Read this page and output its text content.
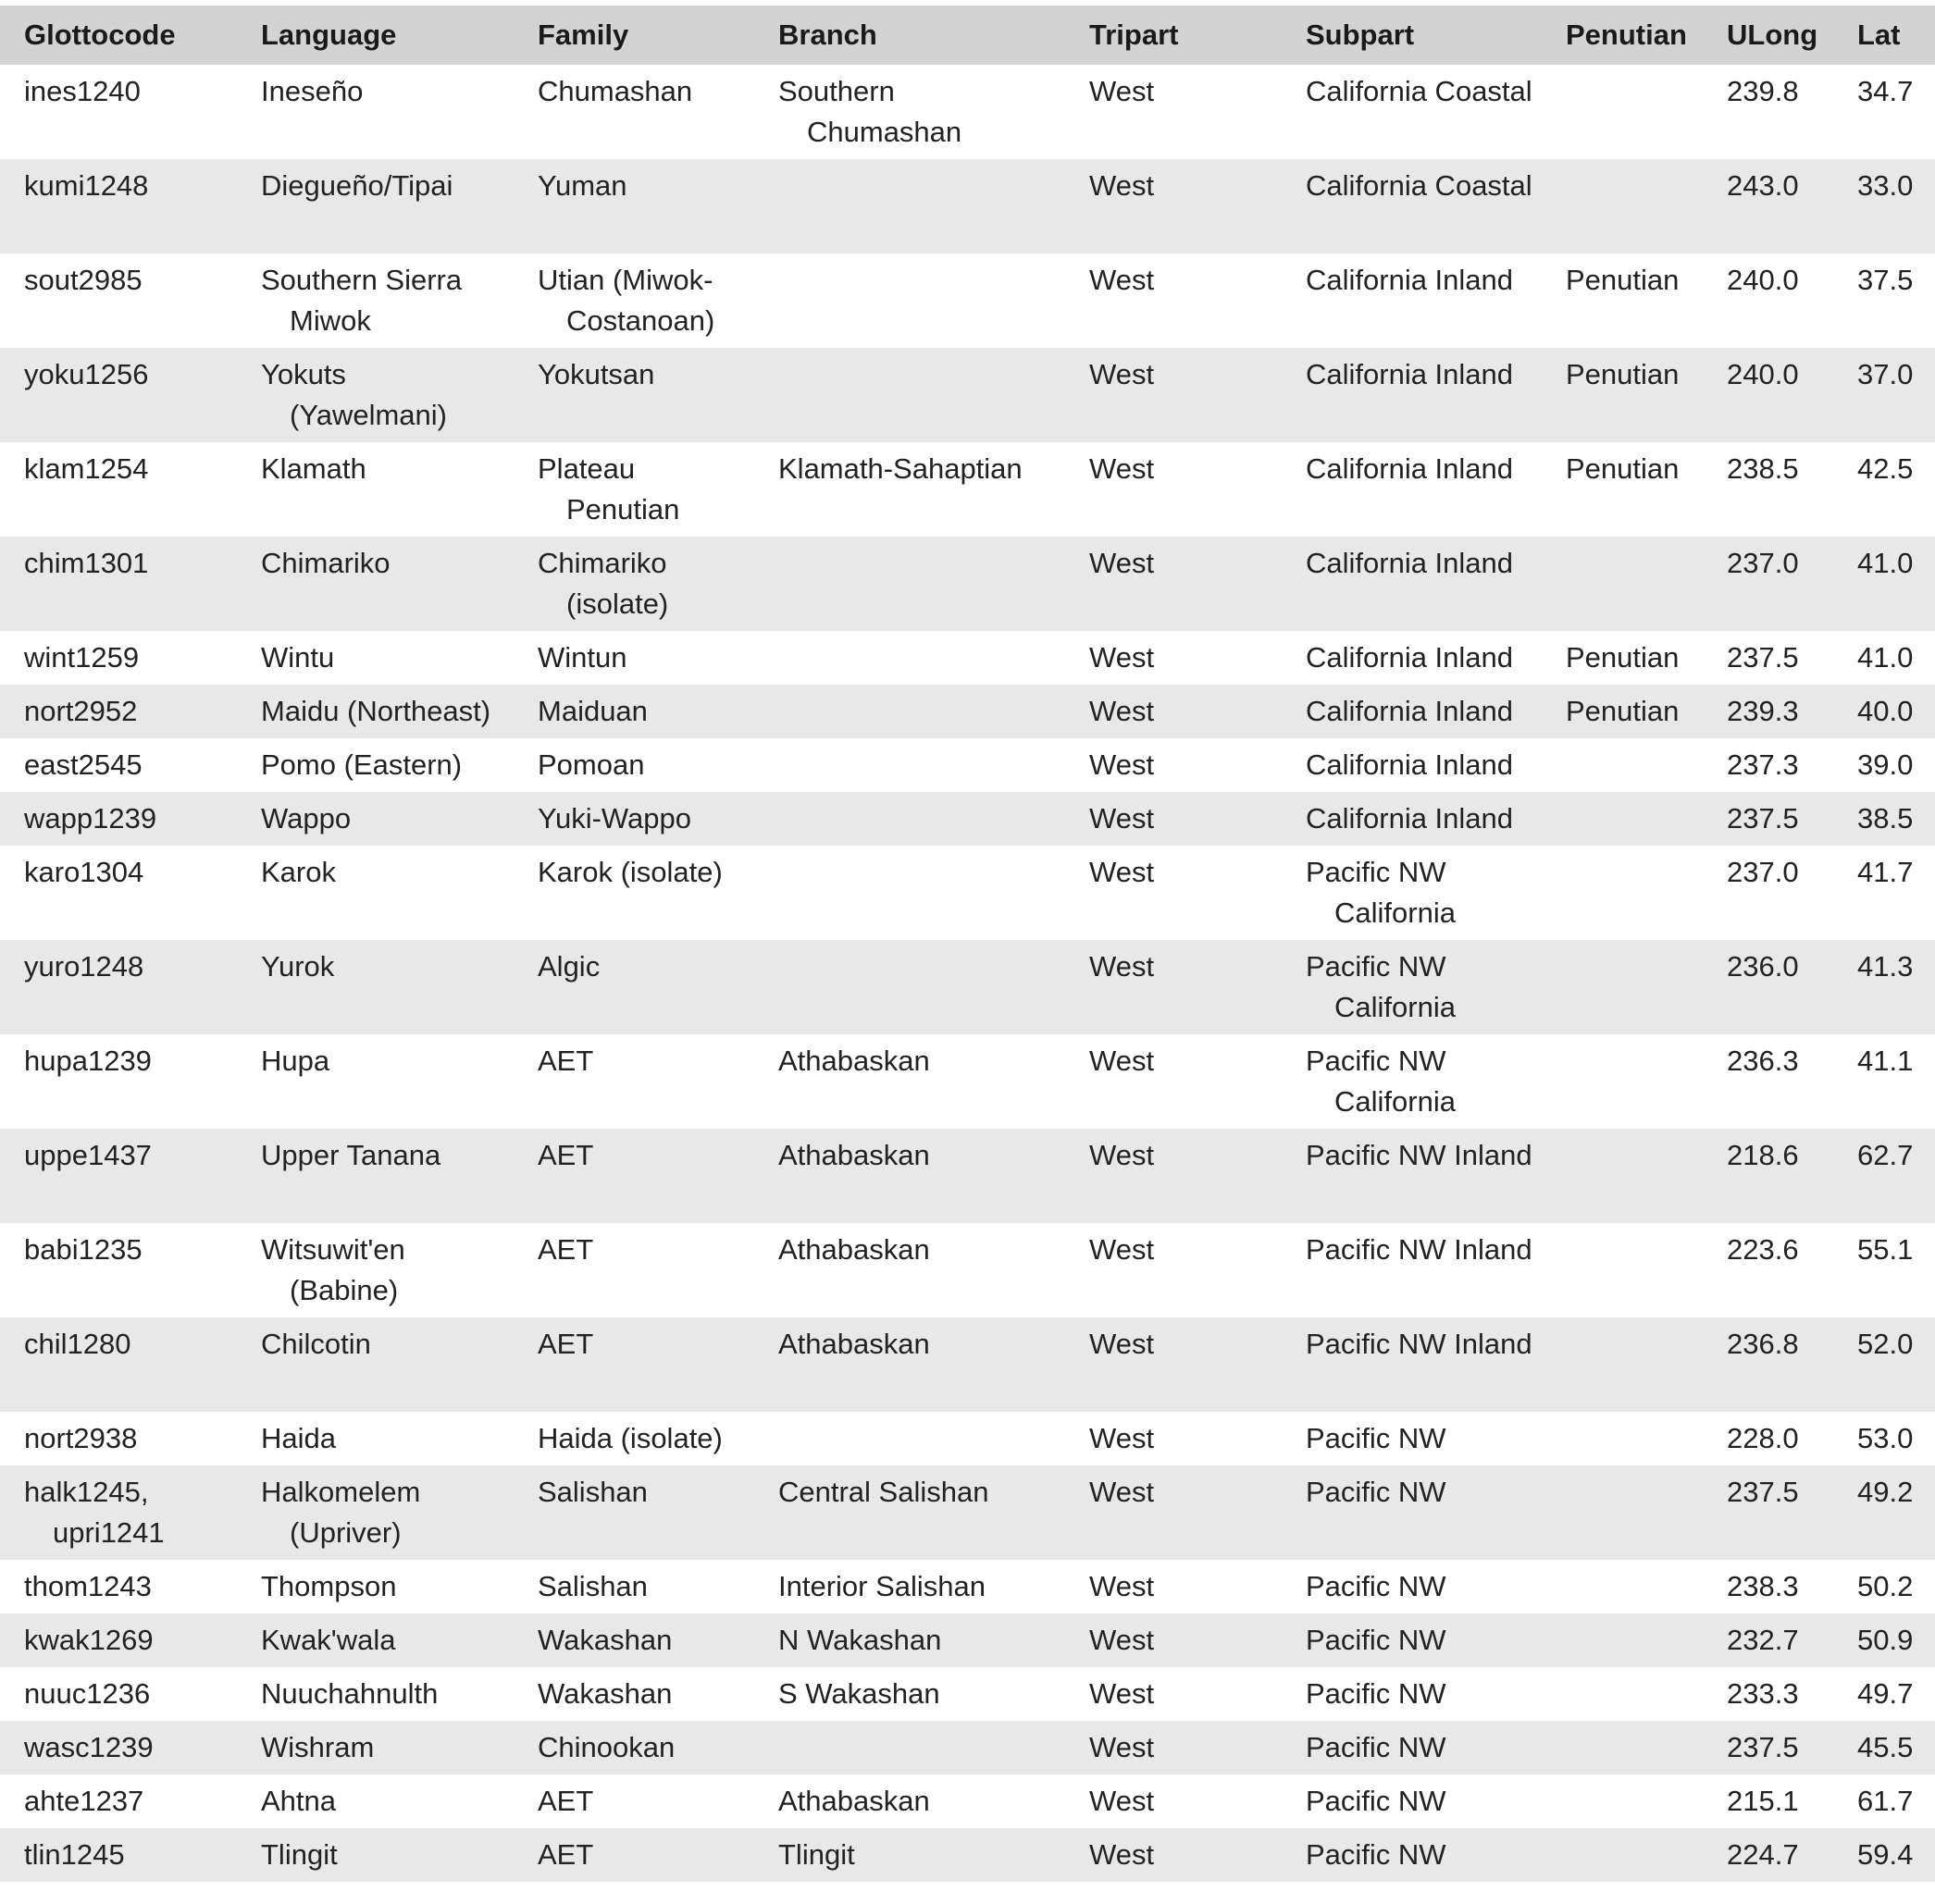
Glottocode	Language	Family	Branch	Tripart	Subpart	Penutian	ULong	Lat

ines1240	Ineseño	Chumashan	Southern Chumashan	West	California Coastal		239.8	34.7

kumi1248	Diegueño/Tipai	Yuman		West	California Coastal		243.0	33.0

sout2985	Southern Sierra Miwok	Utian (Miwok-Costanoan)		West	California Inland	Penutian	240.0	37.5

yoku1256	Yokuts (Yawelmani)	Yokutsan		West	California Inland	Penutian	240.0	37.0

klam1254	Klamath	Plateau Penutian	Klamath-Sahaptian	West	California Inland	Penutian	238.5	42.5

chim1301	Chimariko	Chimariko (isolate)		West	California Inland		237.0	41.0

wint1259	Wintu	Wintun		West	California Inland	Penutian	237.5	41.0

nort2952	Maidu (Northeast)	Maiduan		West	California Inland	Penutian	239.3	40.0

east2545	Pomo (Eastern)	Pomoan		West	California Inland		237.3	39.0

wapp1239	Wappo	Yuki-Wappo		West	California Inland		237.5	38.5

karo1304	Karok	Karok (isolate)		West	Pacific NW California		237.0	41.7

yuro1248	Yurok	Algic		West	Pacific NW California		236.0	41.3

hupa1239	Hupa	AET	Athabaskan	West	Pacific NW California		236.3	41.1

uppe1437	Upper Tanana	AET	Athabaskan	West	Pacific NW Inland		218.6	62.7

babi1235	Witsuwit'en (Babine)	AET	Athabaskan	West	Pacific NW Inland		223.6	55.1

chil1280	Chilcotin	AET	Athabaskan	West	Pacific NW Inland		236.8	52.0

nort2938	Haida	Haida (isolate)		West	Pacific NW		228.0	53.0

halk1245, upri1241	Halkomelem (Upriver)	Salishan	Central Salishan	West	Pacific NW		237.5	49.2

thom1243	Thompson	Salishan	Interior Salishan	West	Pacific NW		238.3	50.2

kwak1269	Kwak'wala	Wakashan	N Wakashan	West	Pacific NW		232.7	50.9

nuuc1236	Nuuchahnulth	Wakashan	S Wakashan	West	Pacific NW		233.3	49.7

wasc1239	Wishram	Chinookan		West	Pacific NW		237.5	45.5

ahte1237	Ahtna	AET	Athabaskan	West	Pacific NW		215.1	61.7

tlin1245	Tlingit	AET	Tlingit	West	Pacific NW		224.7	59.4
